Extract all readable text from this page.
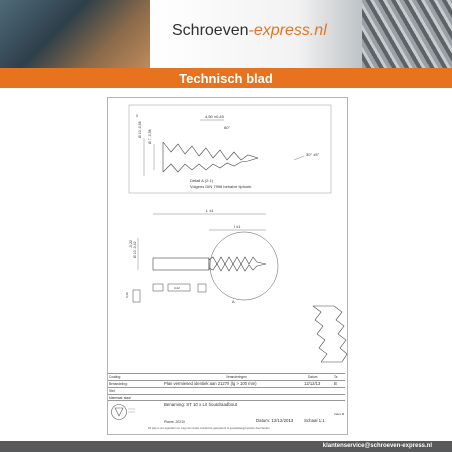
Schroeven-express.nl
Technisch blad
4,50 ±0,45
60°
0
Ø 10 -0,58 Ø 7 -0,58
30° ±5°
Detail A (2:1)
Volgens DIN 7998 behalve tiphoek
L ±1
l ±1
-0,22 Ø 10 -0,42
0,22
0,28
A
Coating:	Veranderingen	Datum	Ta
Behandeling:	Plan vermiesed identiek aan 2127/I (lg > 100 mm)	12/12/13	B
Stel:
Materiaal: staal
Benaming: ST 10 x L/I houtdraadbout
Plannr. 20210	Datum: 12/12/2013 Schaal 1:1
Index B
Dit plan is ons eigendom en mag niet zonder voorkennis gekopieerd of geraadpleegd worden door derden
klantenservice@schroeven-express.nl
